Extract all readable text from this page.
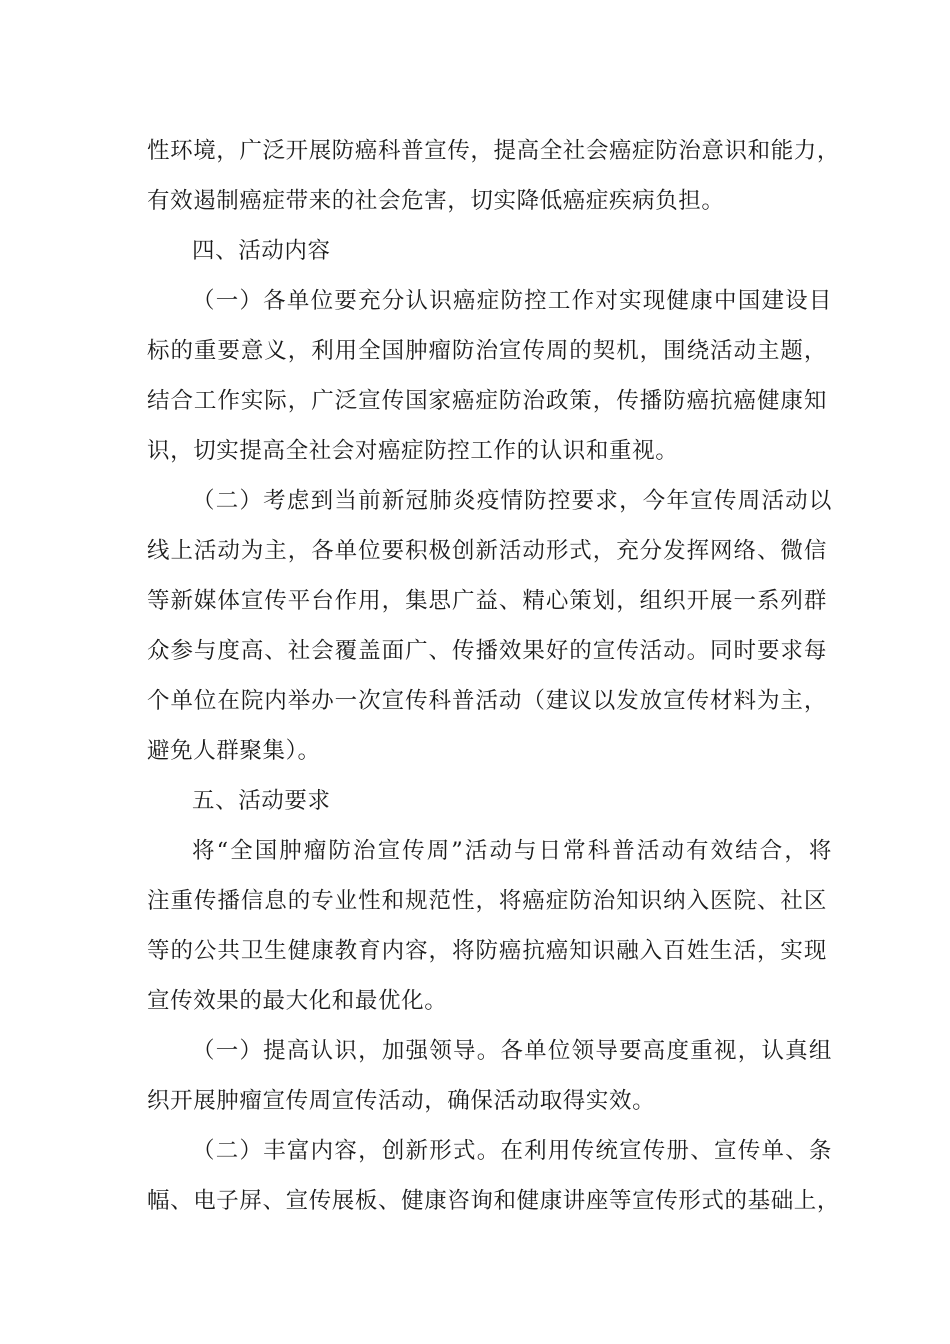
性环境，广泛开展防癌科普宣传，提高全社会癌症防治意识和能力，
有效遏制癌症带来的社会危害，切实降低癌症疾病负担。
四、活动内容
（一）各单位要充分认识癌症防控工作对实现健康中国建设目
标的重要意义，利用全国肿瘤防治宣传周的契机，围绕活动主题，
结合工作实际，广泛宣传国家癌症防治政策，传播防癌抗癌健康知
识，切实提高全社会对癌症防控工作的认识和重视。
（二）考虑到当前新冠肺炎疫情防控要求，今年宣传周活动以
线上活动为主，各单位要积极创新活动形式，充分发挥网络、微信
等新媒体宣传平台作用，集思广益、精心策划，组织开展一系列群
众参与度高、社会覆盖面广、传播效果好的宣传活动。同时要求每
个单位在院内举办一次宣传科普活动（建议以发放宣传材料为主，
避免人群聚集）。
五、活动要求
将“全国肿瘤防治宣传周”活动与日常科普活动有效结合，将
注重传播信息的专业性和规范性，将癌症防治知识纳入医院、社区
等的公共卫生健康教育内容，将防癌抗癌知识融入百姓生活，实现
宣传效果的最大化和最优化。
（一）提高认识，加强领导。各单位领导要高度重视，认真组
织开展肿瘤宣传周宣传活动，确保活动取得实效。
（二）丰富内容，创新形式。在利用传统宣传册、宣传单、条
幅、电子屏、宣传展板、健康咨询和健康讲座等宣传形式的基础上，
